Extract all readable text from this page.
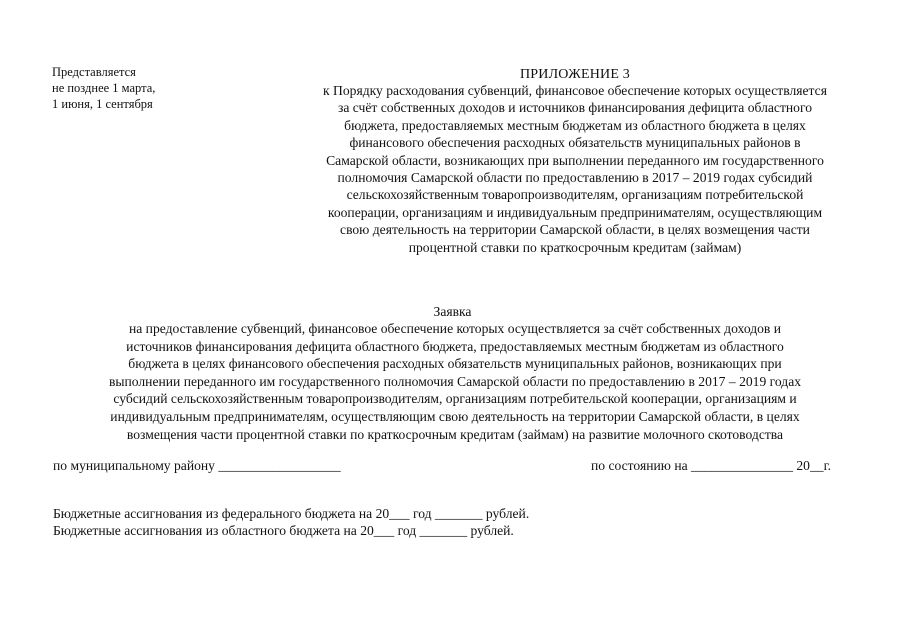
Представляется
не позднее 1 марта,
1 июня, 1 сентября
ПРИЛОЖЕНИЕ 3
к Порядку расходования субвенций, финансовое обеспечение которых осуществляется
за счёт собственных доходов и источников финансирования дефицита областного
бюджета, предоставляемых местным бюджетам из областного бюджета в целях
финансового обеспечения расходных обязательств муниципальных районов в
Самарской области, возникающих при выполнении переданного им государственного
полномочия Самарской области по предоставлению в 2017 – 2019 годах субсидий
сельскохозяйственным товаропроизводителям, организациям потребительской
кооперации, организациям и индивидуальным предпринимателям, осуществляющим
свою деятельность на территории Самарской области, в целях возмещения части
процентной ставки по краткосрочным кредитам (займам)
Заявка
на предоставление субвенций, финансовое обеспечение которых осуществляется за счёт собственных доходов и
источников финансирования дефицита областного бюджета, предоставляемых местным бюджетам из областного
бюджета в целях финансового обеспечения расходных обязательств муниципальных районов, возникающих при
выполнении переданного им государственного полномочия Самарской области по предоставлению в 2017 – 2019 годах
субсидий сельскохозяйственным товаропроизводителям, организациям потребительской кооперации, организациям и
индивидуальным предпринимателям, осуществляющим свою деятельность на территории Самарской области, в целях
возмещения части процентной ставки по краткосрочным кредитам (займам) на развитие молочного скотоводства
по муниципальному району __________________	по состоянию на _______________ 20__г.
Бюджетные ассигнования из федерального бюджета на 20___ год _______ рублей.
Бюджетные ассигнования из областного бюджета на 20___ год _______ рублей.
